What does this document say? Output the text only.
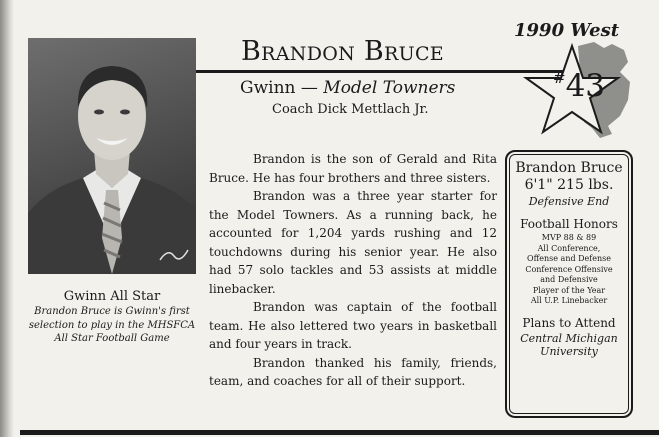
Gwinn All Star
Brandon Bruce is Gwinn's first selection to play in the MHSFCA All Star Football Game
Brandon Bruce
Gwinn — Model Towners
Coach Dick Mettlach Jr.
1990 West
#43

Brandon is the son of Gerald and Rita Bruce. He has four brothers and three sisters.

Brandon was a three year starter for the Model Towners. As a running back, he accounted for 1,204 yards rushing and 12 touchdowns during his senior year. He also had 57 solo tackles and 53 assists at middle linebacker.

Brandon was captain of the football team. He also lettered two years in basketball and four years in track.

Brandon thanked his family, friends, team, and coaches for all of their support.

Brandon Bruce
6'1" 215 lbs.
Defensive End
Football Honors
MVP 88 & 89
All Conference,
Offense and Defense
Conference Offensive
and Defensive
Player of the Year
All U.P. Linebacker
Plans to Attend
Central Michigan
University
